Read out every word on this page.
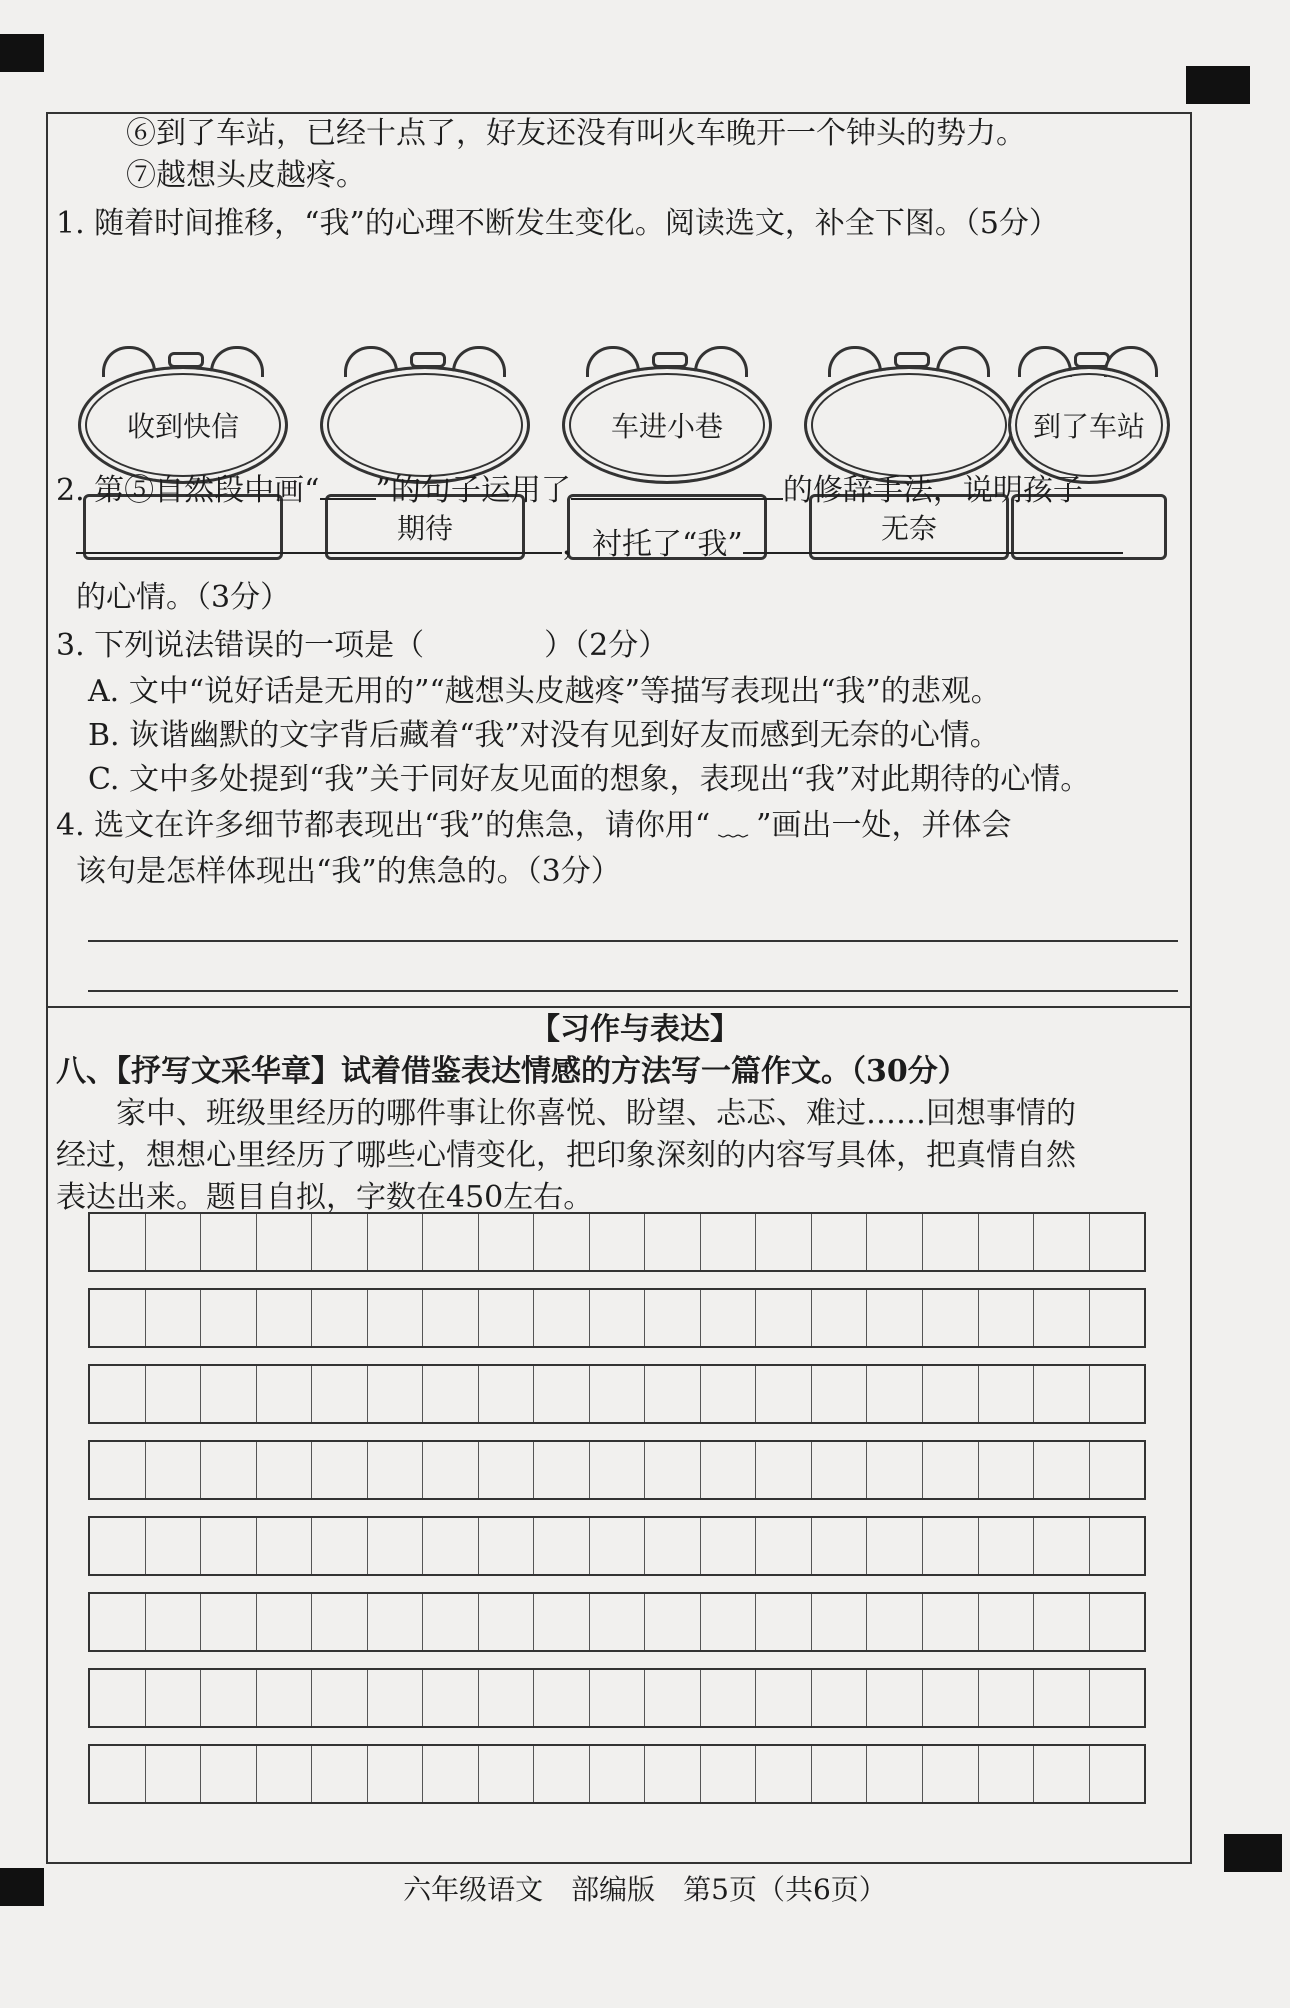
⑥到了车站，已经十点了，好友还没有叫火车晚开一个钟头的势力。
⑦越想头皮越疼。
1. 随着时间推移，“我”的心理不断发生变化。阅读选文，补全下图。（5分）
收到快信
期待
车进小巷
无奈
到了车站
2. 第⑤自然段中画“ ”的句子运用了	的修辞手法，说明孩子
，衬托了“我”
的心情。（3分）
3. 下列说法错误的一项是（　　　　）（2分）
A. 文中“说好话是无用的”“越想头皮越疼”等描写表现出“我”的悲观。
B. 诙谐幽默的文字背后藏着“我”对没有见到好友而感到无奈的心情。
C. 文中多处提到“我”关于同好友见面的想象，表现出“我”对此期待的心情。
4. 选文在许多细节都表现出“我”的焦急，请你用“ ﹏ ”画出一处，并体会
该句是怎样体现出“我”的焦急的。（3分）
【习作与表达】
八、【抒写文采华章】试着借鉴表达情感的方法写一篇作文。（30分）
　　家中、班级里经历的哪件事让你喜悦、盼望、忐忑、难过……回想事情的
经过，想想心里经历了哪些心情变化，把印象深刻的内容写具体，把真情自然
表达出来。题目自拟，字数在450左右。
六年级语文　部编版　第5页（共6页）
